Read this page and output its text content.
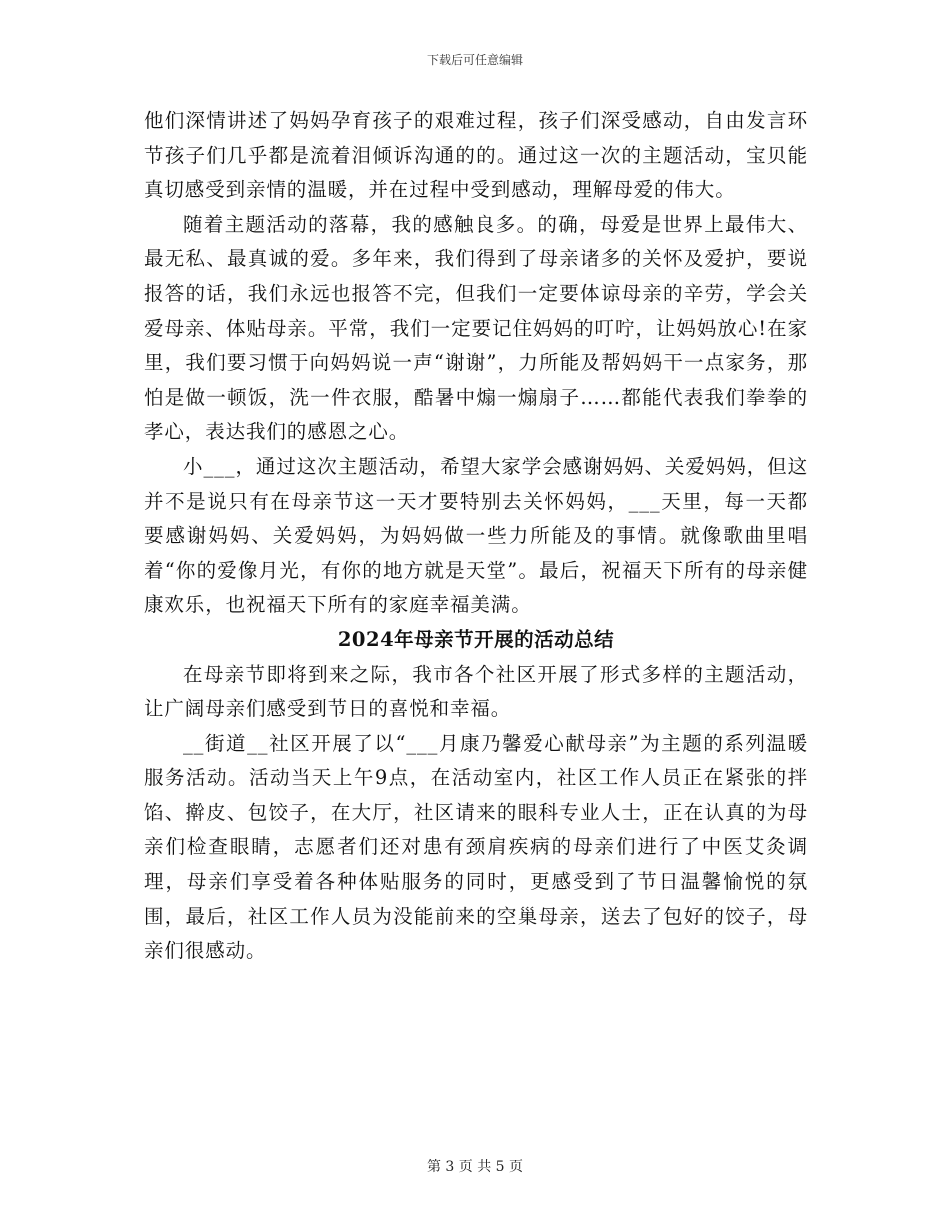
下载后可任意编辑

他们深情讲述了妈妈孕育孩子的艰难过程，孩子们深受感动，自由发言环节孩子们几乎都是流着泪倾诉沟通的的。通过这一次的主题活动，宝贝能真切感受到亲情的温暖，并在过程中受到感动，理解母爱的伟大。

随着主题活动的落幕，我的感触良多。的确，母爱是世界上最伟大、最无私、最真诚的爱。多年来，我们得到了母亲诸多的关怀及爱护，要说报答的话，我们永远也报答不完，但我们一定要体谅母亲的辛劳，学会关爱母亲、体贴母亲。平常，我们一定要记住妈妈的叮咛，让妈妈放心!在家里，我们要习惯于向妈妈说一声“谢谢”，力所能及帮妈妈干一点家务，那怕是做一顿饭，洗一件衣服，酷暑中煽一煽扇子……都能代表我们拳拳的孝心，表达我们的感恩之心。

小___，通过这次主题活动，希望大家学会感谢妈妈、关爱妈妈，但这并不是说只有在母亲节这一天才要特别去关怀妈妈，___天里，每一天都要感谢妈妈、关爱妈妈，为妈妈做一些力所能及的事情。就像歌曲里唱着“你的爱像月光，有你的地方就是天堂”。最后，祝福天下所有的母亲健康欢乐，也祝福天下所有的家庭幸福美满。

2024年母亲节开展的活动总结

在母亲节即将到来之际，我市各个社区开展了形式多样的主题活动，让广阔母亲们感受到节日的喜悦和幸福。

__街道__社区开展了以“___月康乃馨爱心献母亲”为主题的系列温暖服务活动。活动当天上午9点，在活动室内，社区工作人员正在紧张的拌馅、擀皮、包饺子，在大厅，社区请来的眼科专业人士，正在认真的为母亲们检查眼睛，志愿者们还对患有颈肩疾病的母亲们进行了中医艾灸调理，母亲们享受着各种体贴服务的同时，更感受到了节日温馨愉悦的氛围，最后，社区工作人员为没能前来的空巢母亲，送去了包好的饺子，母亲们很感动。

第 3 页 共 5 页
